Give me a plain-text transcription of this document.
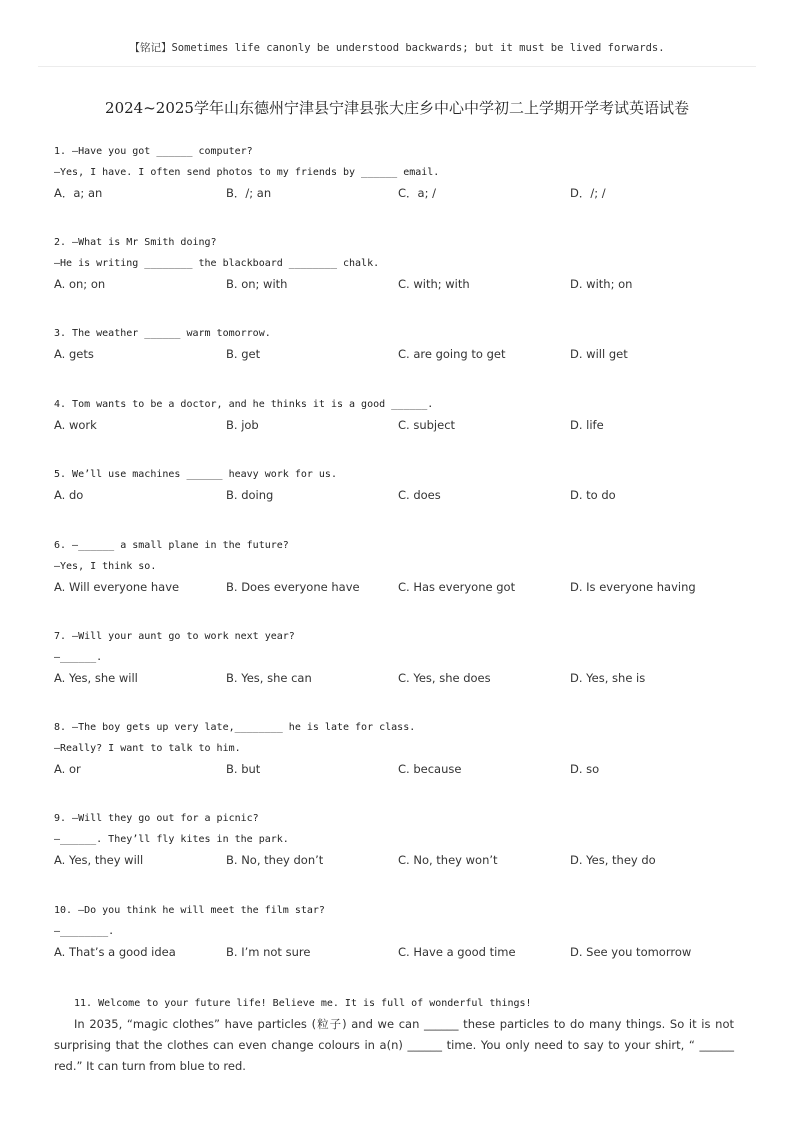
【铭记】Sometimes life canonly be understood backwards; but it must be lived forwards.
2024~2025学年山东德州宁津县宁津县张大庄乡中心中学初二上学期开学考试英语试卷
1. —Have you got ______ computer?
—Yes, I have. I often send photos to my friends by ______ email.
A．a; an	B．/; an	C．a; /	D．/; /
2. —What is Mr Smith doing?
—He is writing ________ the blackboard ________ chalk.
A. on; on	B. on; with	C. with; with	D. with; on
3. The weather ______ warm tomorrow.
A. gets	B. get	C. are going to get	D. will get
4. Tom wants to be a doctor, and he thinks it is a good ______.
A. work	B. job	C. subject	D. life
5. We’ll use machines ______ heavy work for us.
A. do	B. doing	C. does	D. to do
6. —______ a small plane in the future?
—Yes, I think so.
A. Will everyone have	B. Does everyone have	C. Has everyone got	D. Is everyone having
7. —Will your aunt go to work next year?
—______.
A. Yes, she will	B. Yes, she can	C. Yes, she does	D. Yes, she is
8. —The boy gets up very late,________ he is late for class.
—Really? I want to talk to him.
A. or	B. but	C. because	D. so
9. —Will they go out for a picnic?
—______. They’ll fly kites in the park.
A. Yes, they will	B. No, they don’t	C. No, they won’t	D. Yes, they do
10. —Do you think he will meet the film star?
—________.
A. That’s a good idea	B. I’m not sure	C. Have a good time	D. See you tomorrow
11. Welcome to your future life! Believe me. It is full of wonderful things!

In 2035, “magic clothes” have particles (粒子) and we can ______ these particles to do many things. So it is not surprising that the clothes can even change colours in a(n) ______ time. You only need to say to your shirt, “ ______ red.” It can turn from blue to red.
